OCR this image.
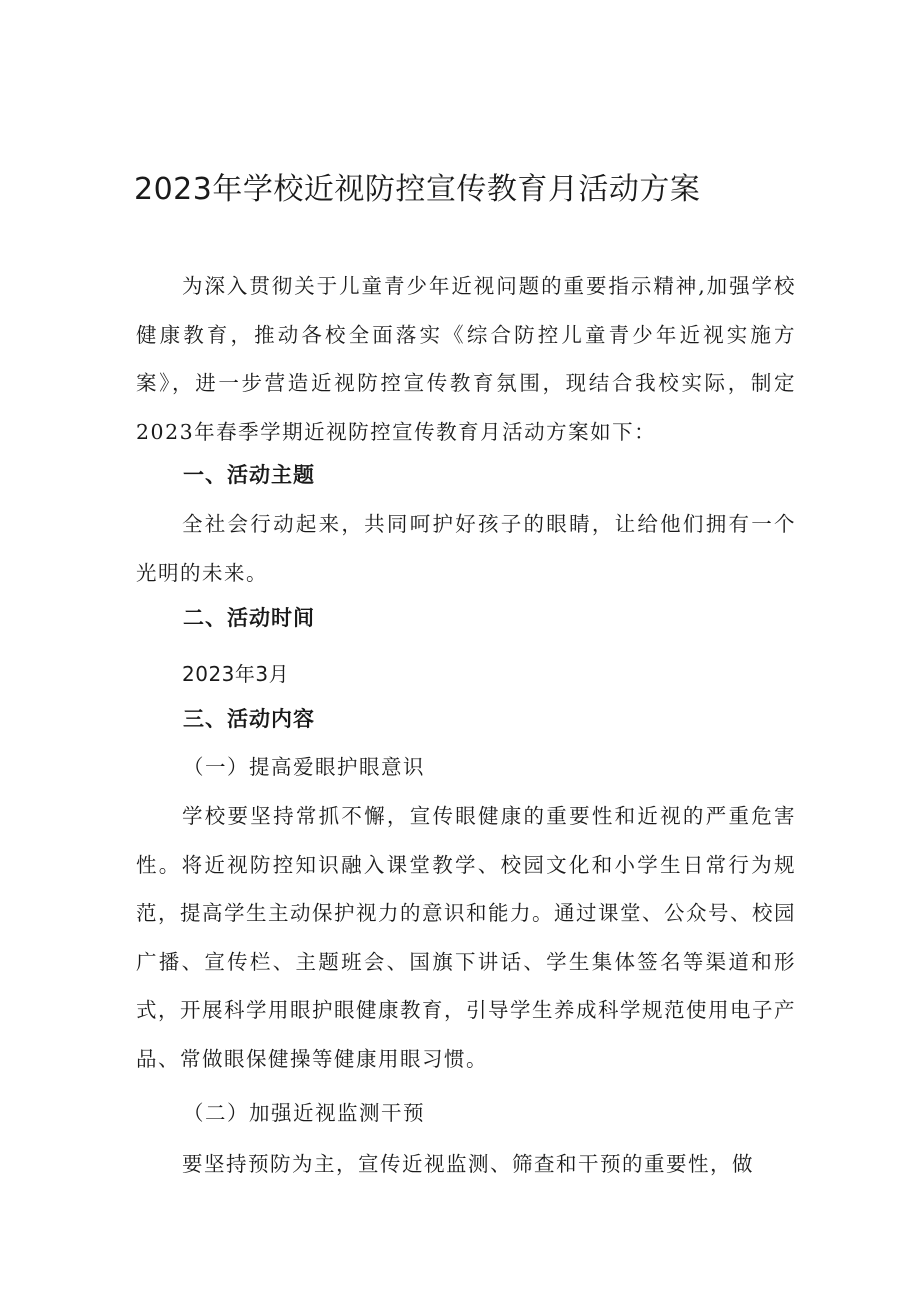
2023年学校近视防控宣传教育月活动方案

为深入贯彻关于儿童青少年近视问题的重要指示精神,加强学校健康教育，推动各校全面落实《综合防控儿童青少年近视实施方案》，进一步营造近视防控宣传教育氛围，现结合我校实际，制定2023年春季学期近视防控宣传教育月活动方案如下：

一、活动主题

全社会行动起来，共同呵护好孩子的眼睛，让给他们拥有一个光明的未来。

二、活动时间

2023年3月

三、活动内容

（一）提高爱眼护眼意识

学校要坚持常抓不懈，宣传眼健康的重要性和近视的严重危害性。将近视防控知识融入课堂教学、校园文化和小学生日常行为规范，提高学生主动保护视力的意识和能力。通过课堂、公众号、校园广播、宣传栏、主题班会、国旗下讲话、学生集体签名等渠道和形式，开展科学用眼护眼健康教育，引导学生养成科学规范使用电子产品、常做眼保健操等健康用眼习惯。

（二）加强近视监测干预

要坚持预防为主，宣传近视监测、筛查和干预的重要性，做
